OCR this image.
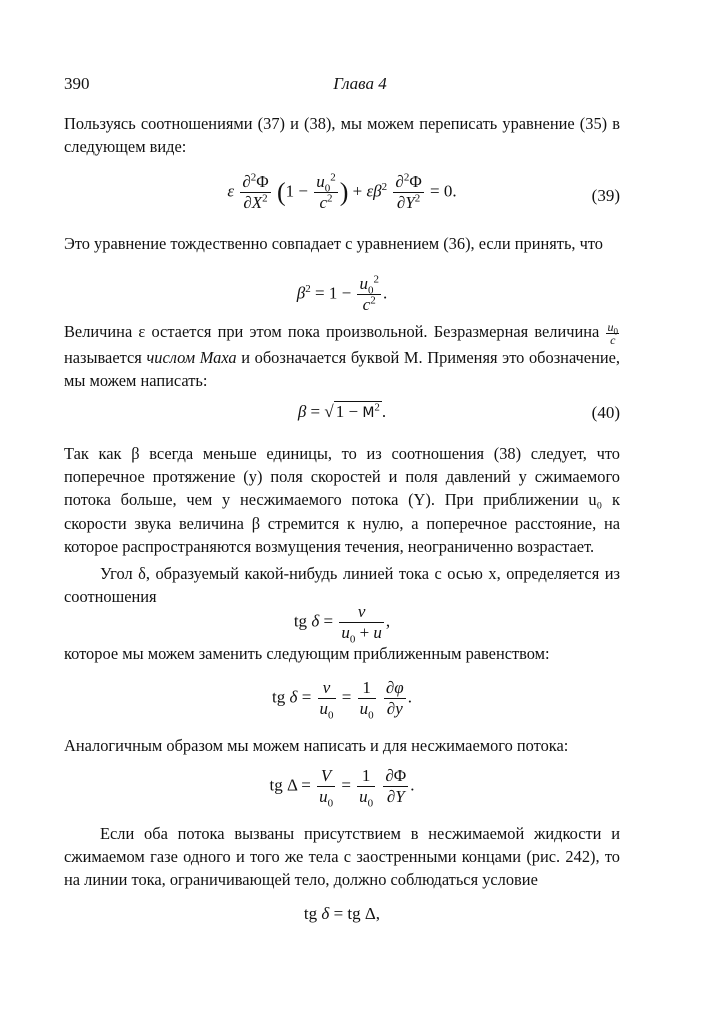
390	Глава 4
Пользуясь соотношениями (37) и (38), мы можем переписать уравнение (35) в следующем виде:
ε $\frac{\partial^2\Phi}{\partial X^2} (1 - \frac{u_0^2}{c^2}$ ) + $\varepsilon\beta^2 \frac{\partial^2\Phi}{\partial Y^2} = 0$.	(39)
Это уравнение тождественно совпадает с уравнением (36), если принять, что
$\beta^2 = 1 - \frac{u_0^2}{c^2}$ .
Величина ε остается при этом пока произвольной. Безразмерная величина $\frac{u_0}{c}$
называется числом Маха и обозначается буквой M. Применяя это обозначение, мы можем написать:
β = √ $1 - M^2$ .	(40)
Так как β всегда меньше единицы, то из соотношения (38) следует, что поперечное протяжение (y) поля скоростей и поля давлений у сжимаемого потока больше, чем у несжимаемого потока (Y). При приближении u₀ к скорости звука величина β стремится к нулю, а поперечное расстояние, на которое распространяются возмущения течения, неограниченно возрастает.
Угол δ, образуемый какой-нибудь линией тока с осью x, определяется из соотношения
tg $\delta = \frac{v}{u_0 + u}$ ,
которое мы можем заменить следующим приближенным равенством:
tg $\delta = \frac{v}{u_0} = \frac{1}{u_0}$
$\frac{\partial\varphi}{\partial y}$ .
Аналогичным образом мы можем написать и для несжимаемого потока:
tg $\Delta = \frac{V}{u_0} = \frac{1}{u_0}$
$\frac{\partial\Phi}{\partial Y}$ .
Если оба потока вызваны присутствием в несжимаемой жидкости и сжимаемом газе одного и того же тела с заостренными концами (рис. 242), то на линии тока, ограничивающей тело, должно соблюдаться условие
tg δ = tg Δ,
